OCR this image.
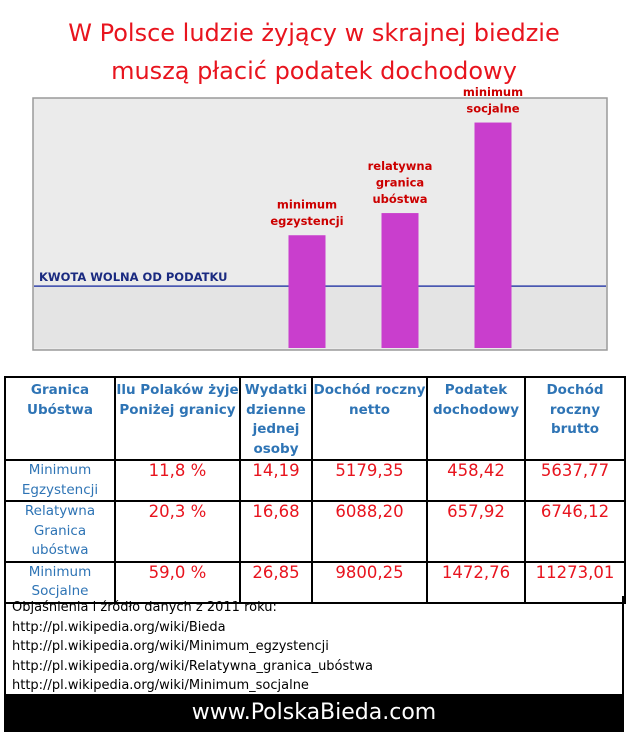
W Polsce ludzie żyjący w skrajnej biedzie
muszą płacić podatek dochodowy
KWOTA WOLNA OD PODATKU
minimum
egzystencji
relatywna
granica
ubóstwa
minimum
socjalne
Granica Ubóstwa	Ilu Polaków żyje Poniżej granicy	Wydatki dzienne jednej osoby	Dochód roczny netto	Podatek dochodowy	Dochód roczny brutto
Minimum Egzystencji	11,8 %	14,19	5179,35	458,42	5637,77
Relatywna Granica ubóstwa	20,3 %	16,68	6088,20	657,92	6746,12
Minimum Socjalne	59,0 %	26,85	9800,25	1472,76	11273,01
Objaśnienia i źródło danych z 2011 roku:
http://pl.wikipedia.org/wiki/Bieda
http://pl.wikipedia.org/wiki/Minimum_egzystencji
http://pl.wikipedia.org/wiki/Relatywna_granica_ubóstwa
http://pl.wikipedia.org/wiki/Minimum_socjalne
www.PolskaBieda.com
